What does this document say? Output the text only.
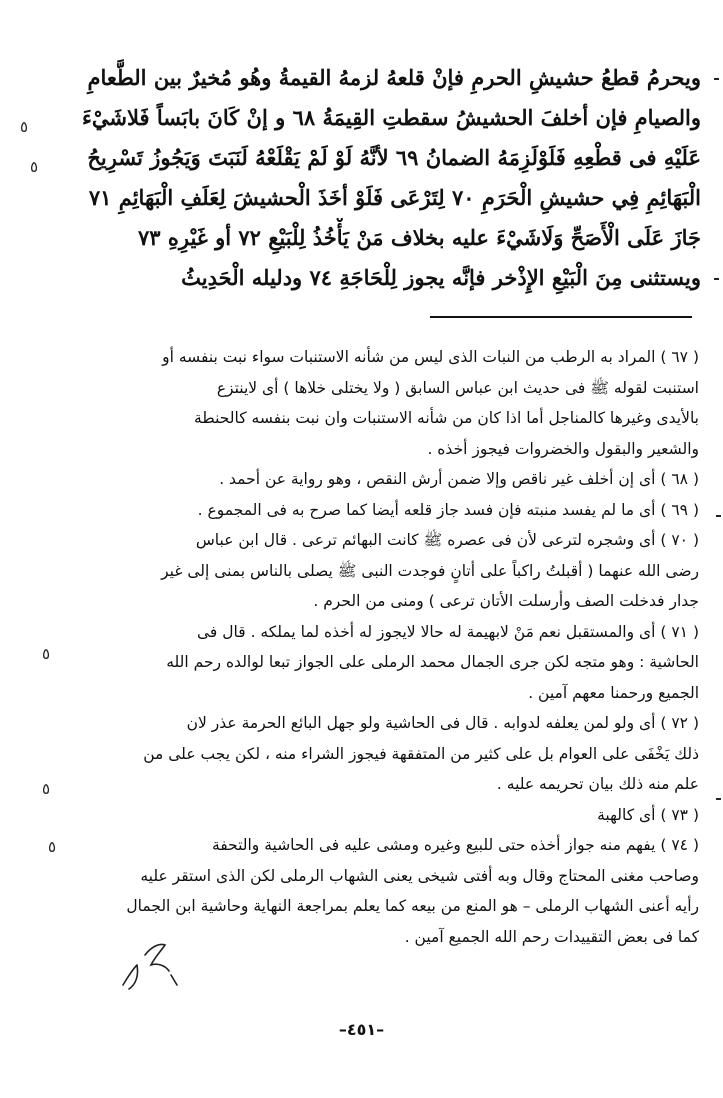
ويحرمُ قطعُ حشيشِ الحرمِ فإنْ قلعهُ لزمهُ القيمةُ وهُو مُخيرٌ بين الطَّعامِ
والصيامِ فإن أخلفَ الحشيشُ سقطتِ القِيمَةُ ٦٨ و إنْ كَانَ بابَساً فَلاشَيْءَ
عَلَيْهِ فى قطْعِهِ فَلَوْلَزِمَهُ الضمانُ ٦٩ لأنَّهُ لَوْ لَمْ يَقْلَعْهُ لَنَبَتَ وَيَجُوزُ تَسْرِيحُ
الْبَهَائِمِ فِي حشيشِ الْحَرَمِ ٧٠ لِتَرْعَى فَلَوْ أخَذَ الْحشيشَ لِعَلَفِ الْبَهَائِمِ ٧١
جَازَ عَلَى الْأَصَحِّ وَلَاشَيْءَ عليه بخلاف مَنْ يَأْخُذُ لِلْبَيْعِ ٧٢ أو غَيْرِهِ ٧٣
ويستثنى مِنَ الْبَيْعِ الإِذْخر فإنَّه يجوز لِلْحَاجَةِ ٧٤ ودليله الْحَدِيثُ
( ٦٧ ) المراد به الرطب من النبات الذى ليس من شأنه الاستنبات سواء نبت بنفسه أو
استنبت لقوله ﷺ فى حديث ابن عباس السابق ( ولا يختلى خلاها ) أى لاينتزع
بالأيدى وغيرها كالمناجل أما اذا كان من شأنه الاستنبات وان نبت بنفسه كالحنطة
والشعير والبقول والخضروات فيجوز أخذه .
( ٦٨ ) أى إن أخلف غير ناقص وإلا ضمن أرش النقص ، وهو رواية عن أحمد .
( ٦٩ ) أى ما لم يفسد منبته فإن فسد جاز قلعه أيضا كما صرح به فى المجموع .
( ٧٠ ) أى وشجره لترعى لأن فى عصره ﷺ كانت البهائم ترعى . قال ابن عباس
رضى الله عنهما ( أقبلتُ راكباً على أتانٍ فوجدت النبى ﷺ يصلى بالناس بمنى إلى غير
جدار فدخلت الصف وأرسلت الأتان ترعى ) ومنى من الحرم .
( ٧١ ) أى والمستقبل نعم مَنْ لابهيمة له حالا لايجوز له أخذه لما يملكه . قال فى
الحاشية : وهو متجه لكن جرى الجمال محمد الرملى على الجواز تبعا لوالده رحم الله
الجميع ورحمنا معهم آمين .
( ٧٢ ) أى ولو لمن يعلفه لدوابه . قال فى الحاشية ولو جهل البائع الحرمة عذر لان
ذلك يَخْفَى على العوام بل على كثير من المتفقهة فيجوز الشراء منه ، لكن يجب على من
علم منه ذلك بيان تحريمه عليه .
( ٧٣ ) أى كالهبة
( ٧٤ ) يفهم منه جواز أخذه حتى للبيع وغيره ومشى عليه فى الحاشية والتحفة
وصاحب مغنى المحتاج وقال وبه أفتى شيخى يعنى الشهاب الرملى لكن الذى استقر عليه
رأيه أعنى الشهاب الرملى – هو المنع من بيعه كما يعلم بمراجعة النهاية وحاشية ابن الجمال
كما فى بعض التقييدات رحم الله الجميع آمين .
–٤٥١–
٥
٥
٥
٥
٥
